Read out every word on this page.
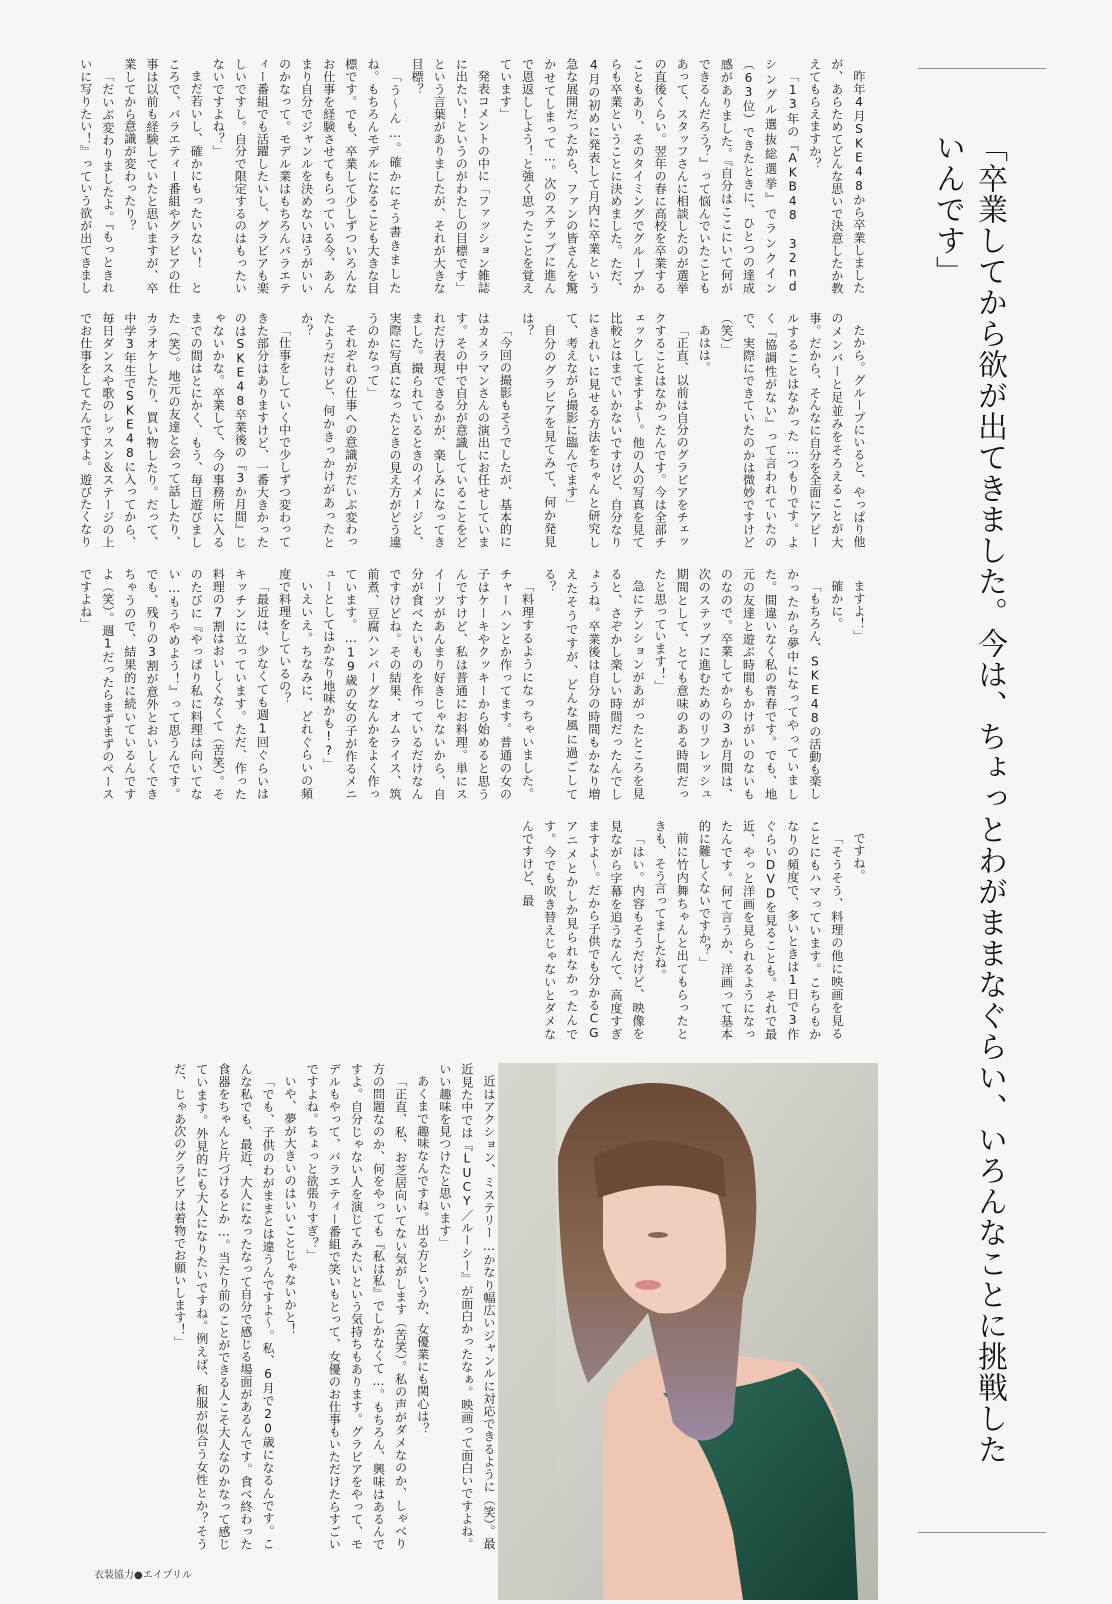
「卒業してから欲が出てきました。今は、ちょっとわがままなぐらい、いろんなことに挑戦したいんです」

昨年4月SKE48から卒業しましたが、あらためてどんな思いで決意したか教えてもらえますか？

「13年の『AKB48 32ndシングル選抜総選挙』でランクイン（63位）できたときに、ひとつの達成感がありました。『自分はここにいて何ができるんだろう？』って悩んでいたこともあって、スタッフさんに相談したのが選挙の直後くらい。翌年の春に高校を卒業することもあり、そのタイミングでグループからも卒業ということに決めました。ただ、4月の初めに発表して月内に卒業という急な展開だったから、ファンの皆さんを驚かせてしまって…。次のステップに進んで恩返ししよう！と強く思ったことを覚えています」

発表コメントの中に「ファッション雑誌に出たい！というのがわたしの目標です」という言葉がありましたが、それが大きな目標？

「う〜ん…。確かにそう書きましたね。もちろんモデルになることも大きな目標です。でも、卒業して少しずついろんなお仕事を経験させてもらっている今、あんまり自分でジャンルを決めないほうがいいのかなって。モデル業はもちろんバラエティー番組でも活躍したいし、グラビアも楽しいですし。自分で限定するのはもったいないですよね？」

まだ若いし、確かにもったいない！　ところで、バラエティー番組やグラビアの仕事は以前も経験していたと思いますが、卒業してから意識が変わったり？

「だいぶ変わりましたよ。『もっときれいに写りたい！』っていう欲が出てきまし

たから。グループにいると、やっぱり他のメンバーと足並みをそろえることが大事。だから、そんなに自分を全面にアピールすることはなかった…つもりです。よく『協調性がない』って言われていたので、実際にできていたのかは微妙ですけど（笑）」

あはは。

「正直、以前は自分のグラビアをチェックすることはなかったんです。今は全部チェックしてますよ〜。他の人の写真を見て比較とはまでいかないですけど、自分なりにきれいに見せる方法をちゃんと研究して、考えながら撮影に臨んでます」

自分のグラビアを見てみて、何か発見は？

「今回の撮影もそうでしたが、基本的にはカメラマンさんの演出にお任せしています。その中で自分が意識していることをどれだけ表現できるかが、楽しみになってきました。撮られているときのイメージと、実際に写真になったときの見え方がどう違うのかなって」

それぞれの仕事への意識がだいぶ変わったようだけど、何かきっかけがあったとか？

「仕事をしていく中で少しずつ変わってきた部分はありますけど、一番大きかったのはSKE48卒業後の『3か月間』じゃないかな。卒業して、今の事務所に入るまでの間はとにかく、もう、毎日遊びました（笑）。地元の友達と会って話したり、カラオケしたり、買い物したり。だって、中学3年生でSKE48に入ってから、毎日ダンスや歌のレッスン＆ステージの上でお仕事をしてたんですよ。遊びたくなり

ますよ！」

確かに。

「もちろん、SKE48の活動も楽しかったから夢中になってやっていました。間違いなく私の青春です。でも、地元の友達と遊ぶ時間もかけがいのないものなので。卒業してからの3か月間は、次のステップに進むためのリフレッシュ期間として、とても意味のある時間だったと思っています！」

急にテンションがあがったところを見ると、さぞかし楽しい時間だったんでしょうね。卒業後は自分の時間もかなり増えたそうですが、どんな風に過ごしてる？

「料理するようになっちゃいました。チャーハンとか作ってます。普通の女の子はケーキやクッキーから始めると思うんですけど、私は普通にお料理。単にスイーツがあんまり好きじゃないから、自分が食べたいものを作っているだけなんですけどね。その結果、オムライス、筑前煮、豆腐ハンバーグなんかをよく作っています。…19歳の女の子が作るメニューとしてはかなり地味かも!?」

いえいえ。ちなみに、どれぐらいの頻度で料理をしているの？

「最近は、少なくても週1回ぐらいはキッチンに立っています。ただ、作った料理の7割はおいしくなくて（苦笑）。そのたびに『やっぱり私に料理は向いてない…もうやめよう！』って思うんです。でも、残りの3割が意外とおいしくできちゃうので、結果的に続いているんですよ（笑）。週1だったらまずまずのペースですよね」

ですね。

「そうそう、料理の他に映画を見ることにもハマっています。こちらもかなりの頻度で、多いときは1日で3作ぐらいDVDを見ることも。それで最近、やっと洋画を見られるようになったんです。何て言うか、洋画って基本的に難しくないですか？」

前に竹内舞ちゃんと出てもらったときも、そう言ってましたね。

「はい。内容もそうだけど、映像を見ながら字幕を追うなんて、高度すぎますよ〜。だから子供でも分かるCGアニメとかしか見られなかったんです。今でも吹き替えじゃないとダメなんですけど、最

近はアクション、ミステリー…かなり幅広いジャンルに対応できるように（笑）。最近見た中では『LUCY／ルーシー』が面白かったなぁ。映画って面白いですよね。いい趣味を見つけたと思います」

あくまで趣味なんですね。出る方というか、女優業にも関心は？

「正直、私、お芝居向いてない気がします（苦笑）。私の声がダメなのか、しゃべり方の問題なのか、何をやっても『私は私』でしかなくて…。もちろん、興味はあるんですよ。自分じゃない人を演じてみたいという気持ちもあります。グラビアをやって、モデルもやって、バラエティー番組で笑いもとって、女優のお仕事もいただけたらすごいですよね。ちょっと欲張りすぎ？」

いや、夢が大きいのはいいことじゃないかと！

「でも、子供のわがままとは違うんですよ〜。私、6月で20歳になるんです。こんな私でも、最近、大人になったなって自分で感じる場面があるんです。食べ終わった食器をちゃんと片づけるとか…。当たり前のことができる人こそ大人なのかなって感じています。外見的にも大人になりたいですね。例えば、和服が似合う女性とか？そうだ、じゃあ次のグラビアは着物でお願いします！」

衣装協力●エイプリル
